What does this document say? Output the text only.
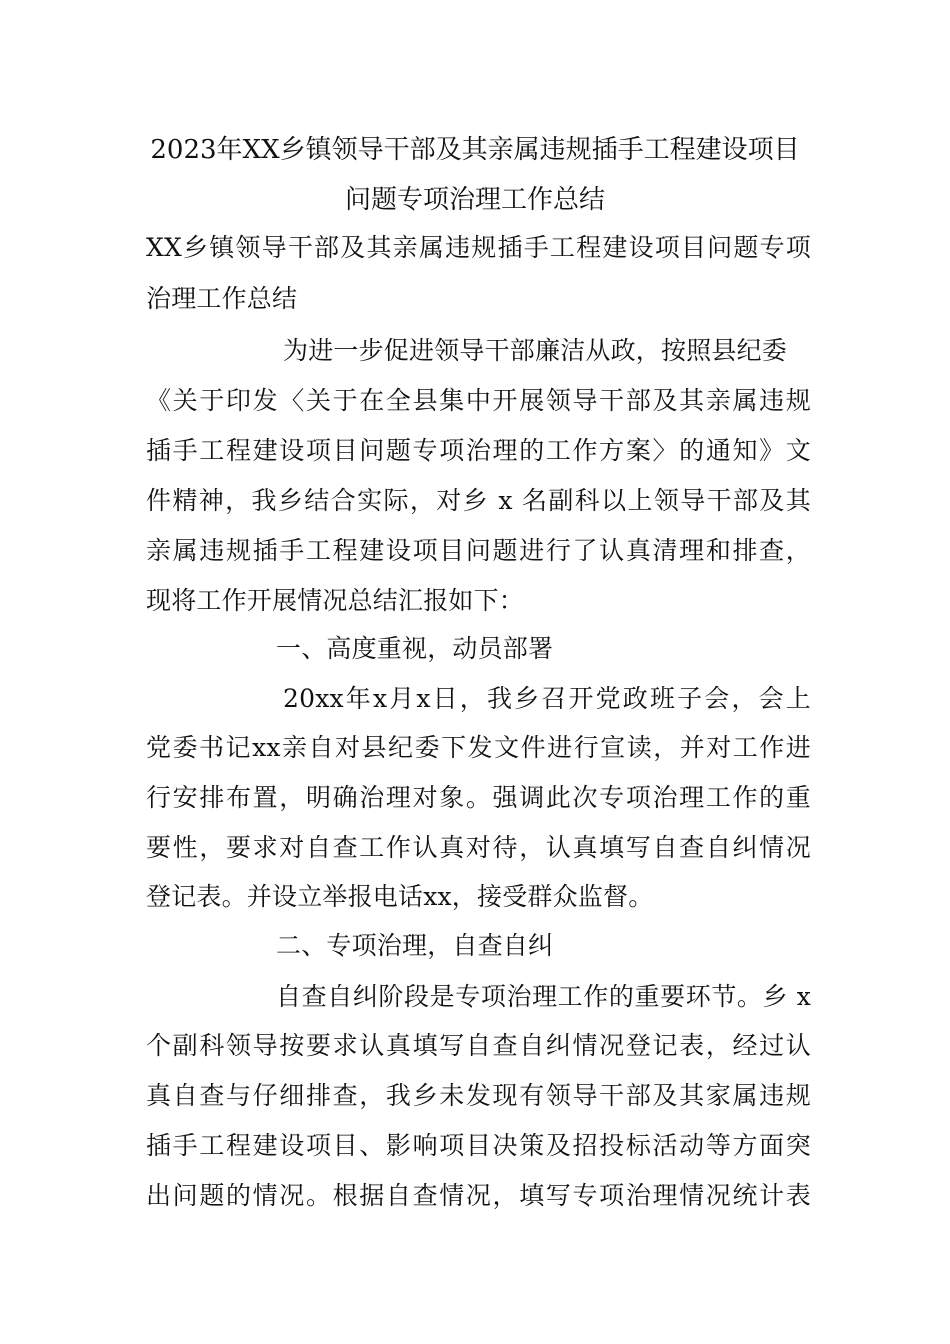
2023年XX乡镇领导干部及其亲属违规插手工程建设项目
问题专项治理工作总结
XX乡镇领导干部及其亲属违规插手工程建设项目问题专项
治理工作总结
为进一步促进领导干部廉洁从政，按照县纪委
《关于印发〈关于在全县集中开展领导干部及其亲属违规
插手工程建设项目问题专项治理的工作方案〉的通知》文
件精神，我乡结合实际，对乡 x 名副科以上领导干部及其
亲属违规插手工程建设项目问题进行了认真清理和排查，
现将工作开展情况总结汇报如下：
一、高度重视，动员部署
20xx年x月x日，我乡召开党政班子会，会上
党委书记xx亲自对县纪委下发文件进行宣读，并对工作进
行安排布置，明确治理对象。强调此次专项治理工作的重
要性，要求对自查工作认真对待，认真填写自查自纠情况
登记表。并设立举报电话xx，接受群众监督。
二、专项治理，自查自纠
自查自纠阶段是专项治理工作的重要环节。乡 x
个副科领导按要求认真填写自查自纠情况登记表，经过认
真自查与仔细排查，我乡未发现有领导干部及其家属违规
插手工程建设项目、影响项目决策及招投标活动等方面突
出问题的情况。根据自查情况，填写专项治理情况统计表
